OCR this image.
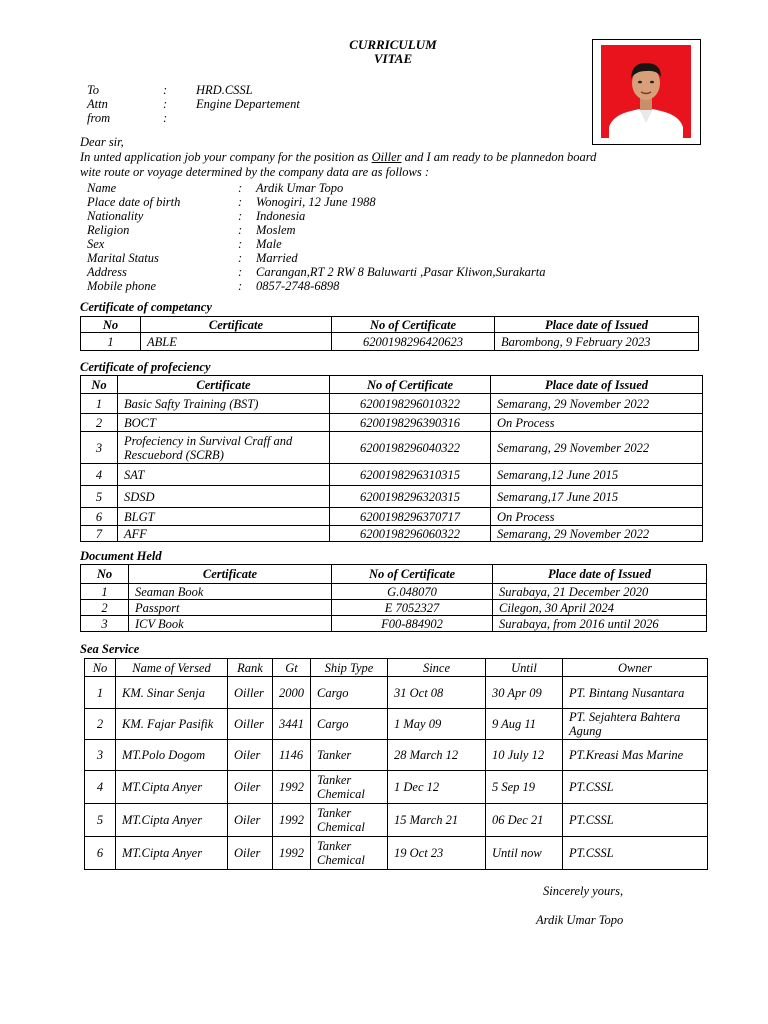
CURRICULUM
VITAE
To	: HRD.CSSL
Attn	: Engine Departement
from	:
Dear sir,
In unted application job your company for the position as Oiller and I am ready to be plannedon board
wite route or voyage determined by the company data are as follows :
Name	: Ardik Umar Topo
Place date of birth	: Wonogiri, 12 June 1988
Nationality	: Indonesia
Religion	: Moslem
Sex	: Male
Marital Status	: Married
Address	: Carangan,RT 2 RW 8 Baluwarti ,Pasar Kliwon,Surakarta
Mobile phone	: 0857-2748-6898
Certificate of competancy
No	Certificate	No of Certificate	Place date of Issued
1	ABLE	6200198296420623	Barombong, 9 February 2023
Certificate of profeciency
No	Certificate	No of Certificate	Place date of Issued
1	Basic Safty Training (BST)	6200198296010322	Semarang, 29 November 2022
2	BOCT	6200198296390316	On Process
3	Profeciency in Survival Craff and Rescuebord (SCRB)	6200198296040322	Semarang, 29 November 2022
4	SAT	6200198296310315	Semarang,12 June 2015
5	SDSD	6200198296320315	Semarang,17 June 2015
6	BLGT	6200198296370717	On Process
7	AFF	6200198296060322	Semarang, 29 November 2022
Document Held
No	Certificate	No of Certificate	Place date of Issued
1	Seaman Book	G.048070	Surabaya, 21 December 2020
2	Passport	E 7052327	Cilegon, 30 April 2024
3	ICV Book	F00-884902	Surabaya, from 2016 until 2026
Sea Service
No	Name of Versed	Rank	Gt	Ship Type	Since	Until	Owner
1	KM. Sinar Senja	Oiller	2000	Cargo	31 Oct 08	30 Apr 09	PT. Bintang Nusantara
2	KM. Fajar Pasifik	Oiller	3441	Cargo	1 May 09	9 Aug 11	PT. Sejahtera Bahtera Agung
3	MT.Polo Dogom	Oiler	1146	Tanker	28 March 12	10 July 12	PT.Kreasi Mas Marine
4	MT.Cipta Anyer	Oiler	1992	Tanker Chemical	1 Dec 12	5 Sep 19	PT.CSSL
5	MT.Cipta Anyer	Oiler	1992	Tanker Chemical	15 March 21	06 Dec 21	PT.CSSL
6	MT.Cipta Anyer	Oiler	1992	Tanker Chemical	19 Oct 23	Until now	PT.CSSL
Sincerely yours,
Ardik Umar Topo
